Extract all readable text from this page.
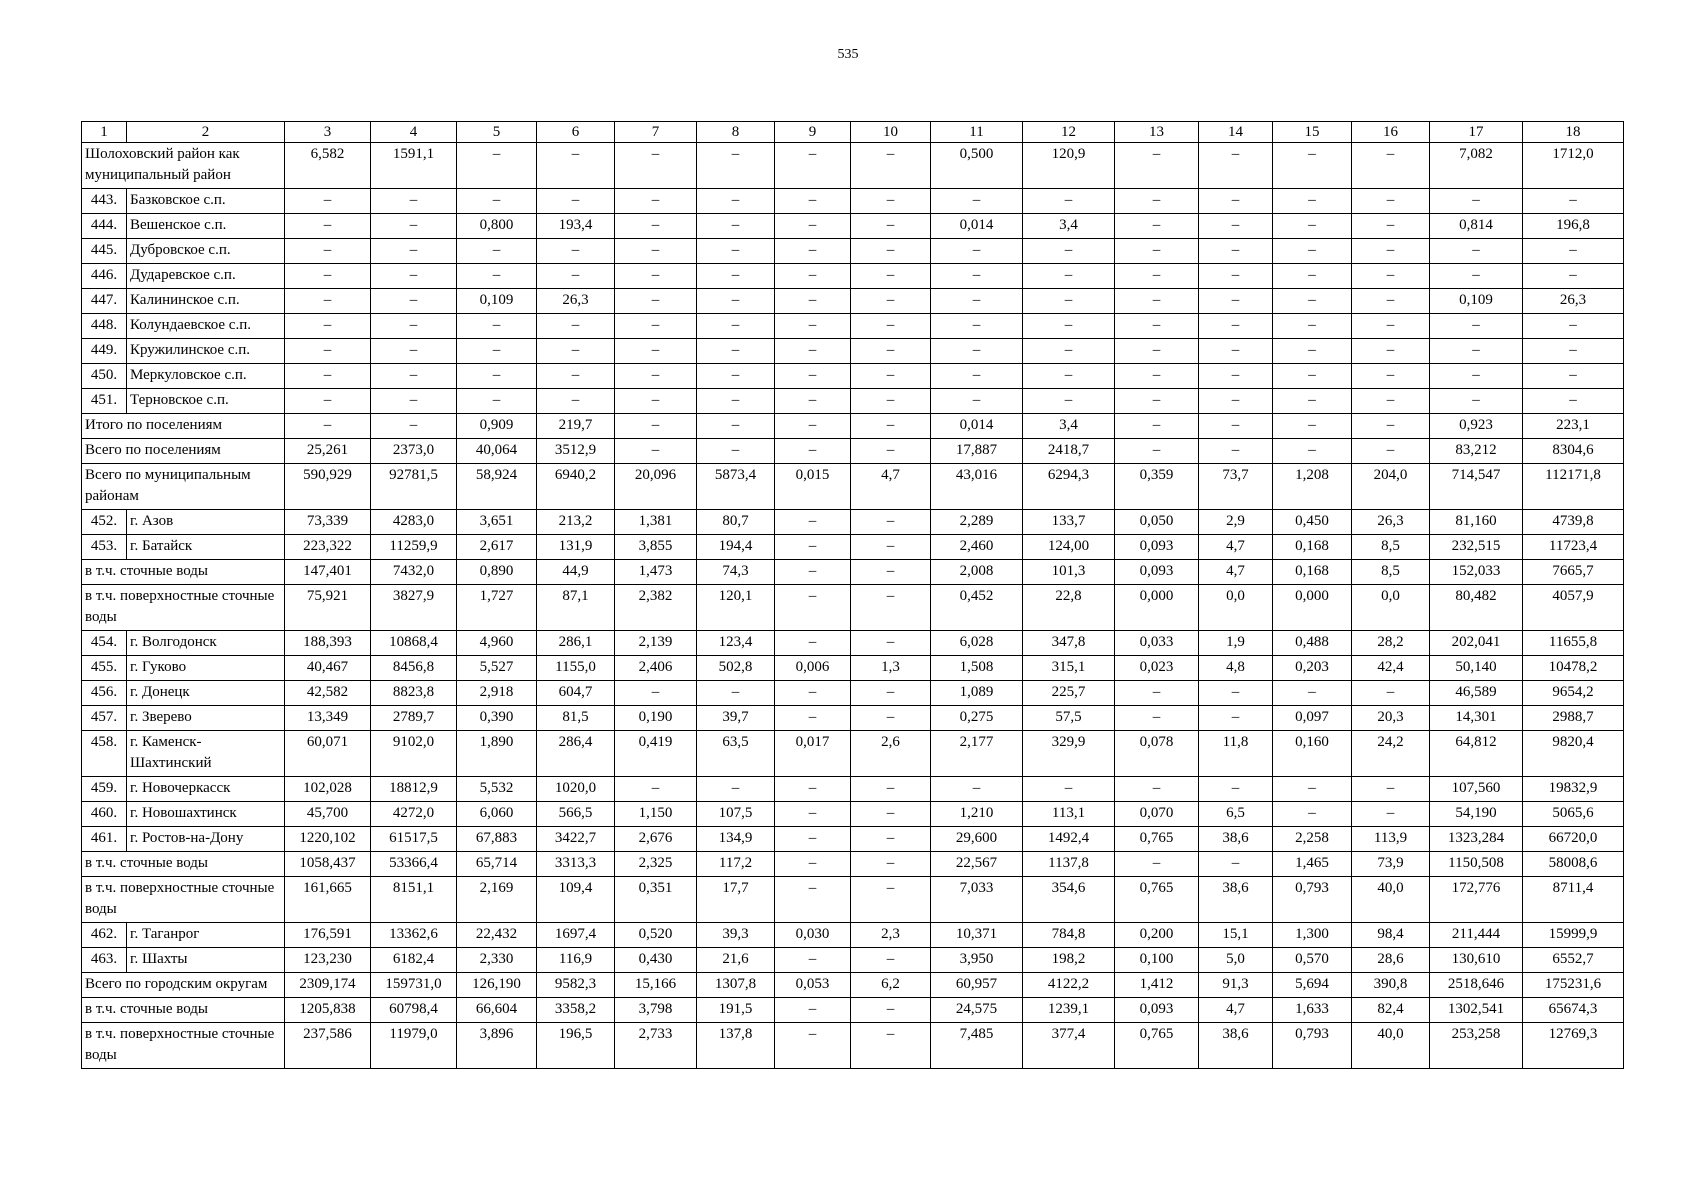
535
1	2	3	4	5	6	7	8	9	10	11	12	13	14	15	16	17	18
Шолоховский район как муниципальный район		6,582	1591,1	–	–	–	–	–	–	0,500	120,9	–	–	–	–	7,082	1712,0
443.	Базковское с.п.	–	–	–	–	–	–	–	–	–	–	–	–	–	–	–	–
444.	Вешенское с.п.	–	–	0,800	193,4	–	–	–	–	0,014	3,4	–	–	–	–	0,814	196,8
445.	Дубровское с.п.	–	–	–	–	–	–	–	–	–	–	–	–	–	–	–	–
446.	Дударевское с.п.	–	–	–	–	–	–	–	–	–	–	–	–	–	–	–	–
447.	Калининское с.п.	–	–	0,109	26,3	–	–	–	–	–	–	–	–	–	–	0,109	26,3
448.	Колундаевское с.п.	–	–	–	–	–	–	–	–	–	–	–	–	–	–	–	–
449.	Кружилинское с.п.	–	–	–	–	–	–	–	–	–	–	–	–	–	–	–	–
450.	Меркуловское с.п.	–	–	–	–	–	–	–	–	–	–	–	–	–	–	–	–
451.	Терновское с.п.	–	–	–	–	–	–	–	–	–	–	–	–	–	–	–	–
Итого по поселениям		–	–	0,909	219,7	–	–	–	–	0,014	3,4	–	–	–	–	0,923	223,1
Всего по поселениям		25,261	2373,0	40,064	3512,9	–	–	–	–	17,887	2418,7	–	–	–	–	83,212	8304,6
Всего по муниципальным районам		590,929	92781,5	58,924	6940,2	20,096	5873,4	0,015	4,7	43,016	6294,3	0,359	73,7	1,208	204,0	714,547	112171,8
452.	г. Азов	73,339	4283,0	3,651	213,2	1,381	80,7	–	–	2,289	133,7	0,050	2,9	0,450	26,3	81,160	4739,8
453.	г. Батайск	223,322	11259,9	2,617	131,9	3,855	194,4	–	–	2,460	124,00	0,093	4,7	0,168	8,5	232,515	11723,4
в т.ч. сточные воды		147,401	7432,0	0,890	44,9	1,473	74,3	–	–	2,008	101,3	0,093	4,7	0,168	8,5	152,033	7665,7
в т.ч. поверхностные сточные воды		75,921	3827,9	1,727	87,1	2,382	120,1	–	–	0,452	22,8	0,000	0,0	0,000	0,0	80,482	4057,9
454.	г. Волгодонск	188,393	10868,4	4,960	286,1	2,139	123,4	–	–	6,028	347,8	0,033	1,9	0,488	28,2	202,041	11655,8
455.	г. Гуково	40,467	8456,8	5,527	1155,0	2,406	502,8	0,006	1,3	1,508	315,1	0,023	4,8	0,203	42,4	50,140	10478,2
456.	г. Донецк	42,582	8823,8	2,918	604,7	–	–	–	–	1,089	225,7	–	–	–	–	46,589	9654,2
457.	г. Зверево	13,349	2789,7	0,390	81,5	0,190	39,7	–	–	0,275	57,5	–	–	0,097	20,3	14,301	2988,7
458.	г. Каменск-Шахтинский	60,071	9102,0	1,890	286,4	0,419	63,5	0,017	2,6	2,177	329,9	0,078	11,8	0,160	24,2	64,812	9820,4
459.	г. Новочеркасск	102,028	18812,9	5,532	1020,0	–	–	–	–	–	–	–	–	–	–	107,560	19832,9
460.	г. Новошахтинск	45,700	4272,0	6,060	566,5	1,150	107,5	–	–	1,210	113,1	0,070	6,5	–	–	54,190	5065,6
461.	г. Ростов-на-Дону	1220,102	61517,5	67,883	3422,7	2,676	134,9	–	–	29,600	1492,4	0,765	38,6	2,258	113,9	1323,284	66720,0
в т.ч. сточные воды		1058,437	53366,4	65,714	3313,3	2,325	117,2	–	–	22,567	1137,8	–	–	1,465	73,9	1150,508	58008,6
в т.ч. поверхностные сточные воды		161,665	8151,1	2,169	109,4	0,351	17,7	–	–	7,033	354,6	0,765	38,6	0,793	40,0	172,776	8711,4
462.	г. Таганрог	176,591	13362,6	22,432	1697,4	0,520	39,3	0,030	2,3	10,371	784,8	0,200	15,1	1,300	98,4	211,444	15999,9
463.	г. Шахты	123,230	6182,4	2,330	116,9	0,430	21,6	–	–	3,950	198,2	0,100	5,0	0,570	28,6	130,610	6552,7
Всего по городским округам		2309,174	159731,0	126,190	9582,3	15,166	1307,8	0,053	6,2	60,957	4122,2	1,412	91,3	5,694	390,8	2518,646	175231,6
в т.ч. сточные воды		1205,838	60798,4	66,604	3358,2	3,798	191,5	–	–	24,575	1239,1	0,093	4,7	1,633	82,4	1302,541	65674,3
в т.ч. поверхностные сточные воды		237,586	11979,0	3,896	196,5	2,733	137,8	–	–	7,485	377,4	0,765	38,6	0,793	40,0	253,258	12769,3
